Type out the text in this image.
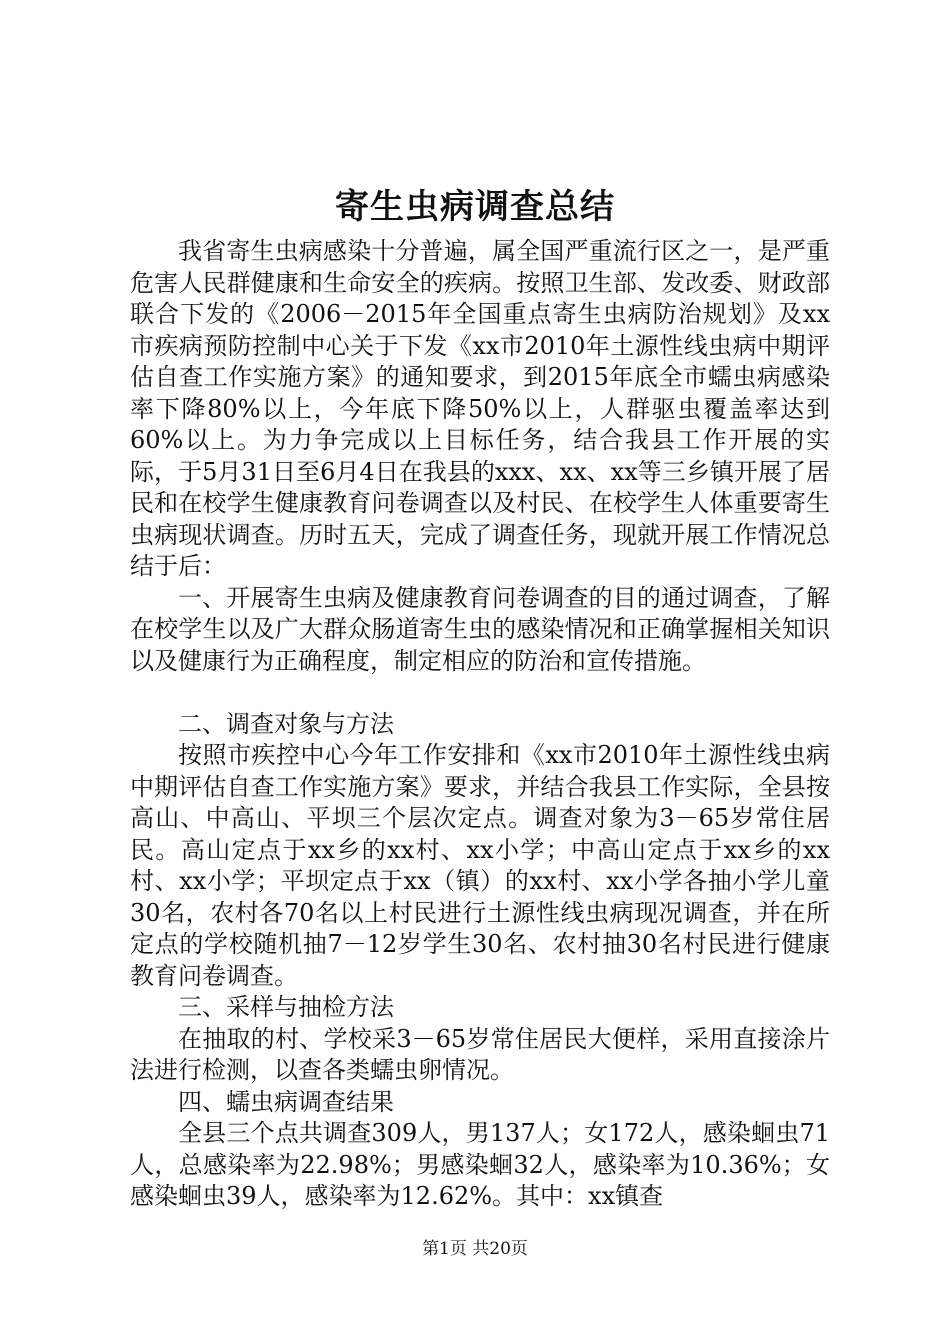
寄生虫病调查总结

我省寄生虫病感染十分普遍，属全国严重流行区之一，是严重危害人民群健康和生命安全的疾病。按照卫生部、发改委、财政部联合下发的《2006－2015年全国重点寄生虫病防治规划》及xx市疾病预防控制中心关于下发《xx市2010年土源性线虫病中期评估自查工作实施方案》的通知要求，到2015年底全市蠕虫病感染率下降80%以上，今年底下降50%以上，人群驱虫覆盖率达到60%以上。为力争完成以上目标任务，结合我县工作开展的实际，于5月31日至6月4日在我县的xxx、xx、xx等三乡镇开展了居民和在校学生健康教育问卷调查以及村民、在校学生人体重要寄生虫病现状调查。历时五天，完成了调查任务，现就开展工作情况总结于后：

一、开展寄生虫病及健康教育问卷调查的目的通过调查，了解在校学生以及广大群众肠道寄生虫的感染情况和正确掌握相关知识以及健康行为正确程度，制定相应的防治和宣传措施。

二、调查对象与方法

按照市疾控中心今年工作安排和《xx市2010年土源性线虫病中期评估自查工作实施方案》要求，并结合我县工作实际，全县按高山、中高山、平坝三个层次定点。调查对象为3－65岁常住居民。高山定点于xx乡的xx村、xx小学；中高山定点于xx乡的xx村、xx小学；平坝定点于xx（镇）的xx村、xx小学各抽小学儿童30名，农村各70名以上村民进行土源性线虫病现况调查，并在所定点的学校随机抽7－12岁学生30名、农村抽30名村民进行健康教育问卷调查。

三、采样与抽检方法

在抽取的村、学校采3－65岁常住居民大便样，采用直接涂片法进行检测，以查各类蠕虫卵情况。

四、蠕虫病调查结果

全县三个点共调查309人，男137人；女172人，感染蛔虫71人，总感染率为22.98%；男感染蛔32人，感染率为10.36%；女感染蛔虫39人，感染率为12.62%。其中：xx镇查

第1页 共20页
